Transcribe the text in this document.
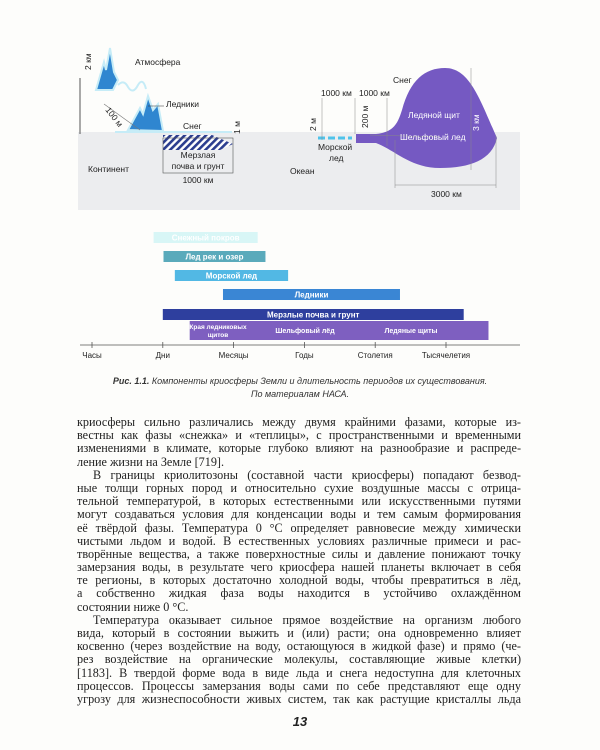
Атмосфера
Ледники
Снег
2 км
100 м	1 м
Мерзлая
почва и грунт
Континент
1000 км
Снег
1000 км 1000 км
2 м	200 м	Ледяной щит 3 км
Шельфовый лед
Морской
лед
Океан
3000 км
Снежный покров
Лед рек и озер
Морской лед
Ледники
Мерзлые почва и грунт
Края ледниковых
щитов
Шельфовый лёд	Ледяные щиты
Часы	Дни	Месяцы	Годы	Столетия	Тысячелетия
Рис. 1.1. Компоненты криосферы Земли и длительность периодов их существования.
По материалам НАСА.
криосферы сильно различались между двумя крайними фазами, которые из-
вестны как фазы «снежка» и «теплицы», с пространственными и временными
изменениями в климате, которые глубоко влияют на разнообразие и распреде-
ление жизни на Земле [719].
В границы криолитозоны (составной части криосферы) попадают безвод-
ные толщи горных пород и относительно сухие воздушные массы с отрица-
тельной температурой, в которых естественными или искусственными путями
могут создаваться условия для конденсации воды и тем самым формирования
её твёрдой фазы. Температура 0 °С определяет равновесие между химически
чистыми льдом и водой. В естественных условиях различные примеси и рас-
творённые вещества, а также поверхностные силы и давление понижают точку
замерзания воды, в результате чего криосфера нашей планеты включает в себя
те регионы, в которых достаточно холодной воды, чтобы превратиться в лёд,
а собственно жидкая фаза воды находится в устойчиво охлаждённом
состоянии ниже 0 °С.
Температура оказывает сильное прямое воздействие на организм любого
вида, который в состоянии выжить и (или) расти; она одновременно влияет
косвенно (через воздействие на воду, остающуюся в жидкой фазе) и прямо (че-
рез воздействие на органические молекулы, составляющие живые клетки)
[1183]. В твердой форме вода в виде льда и снега недоступна для клеточных
процессов. Процессы замерзания воды сами по себе представляют еще одну
угрозу для жизнеспособности живых систем, так как растущие кристаллы льда
13
